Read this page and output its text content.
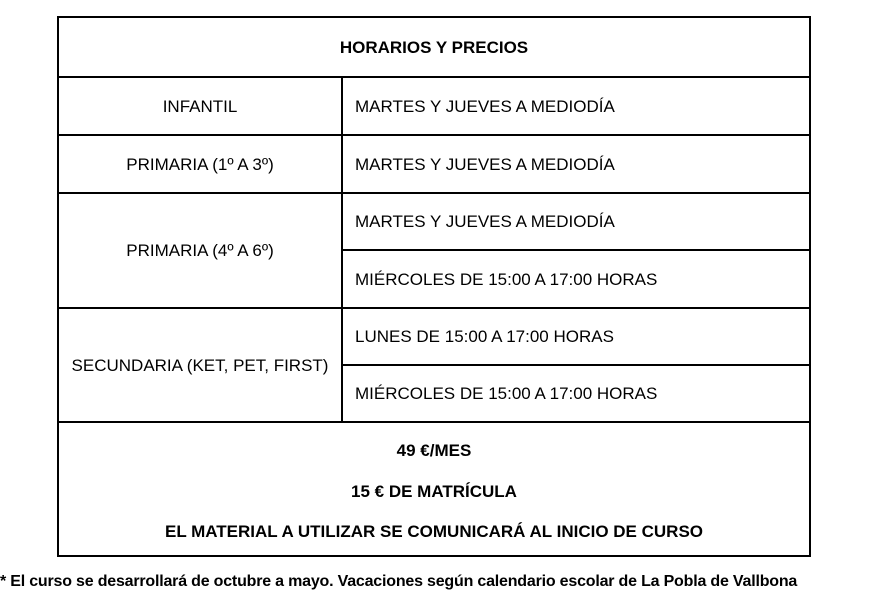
HORARIOS Y PRECIOS
INFANTIL	MARTES Y JUEVES A MEDIODÍA
PRIMARIA (1º A 3º)	MARTES Y JUEVES A MEDIODÍA
PRIMARIA (4º A 6º)
MARTES Y JUEVES A MEDIODÍA
MIÉRCOLES DE 15:00 A 17:00 HORAS
SECUNDARIA (KET, PET, FIRST)
LUNES DE 15:00 A 17:00 HORAS
MIÉRCOLES DE 15:00 A 17:00 HORAS
49 €/MES
15 € DE MATRÍCULA
EL MATERIAL A UTILIZAR SE COMUNICARÁ AL INICIO DE CURSO
* El curso se desarrollará de octubre a mayo. Vacaciones según calendario escolar de La Pobla de Vallbona
